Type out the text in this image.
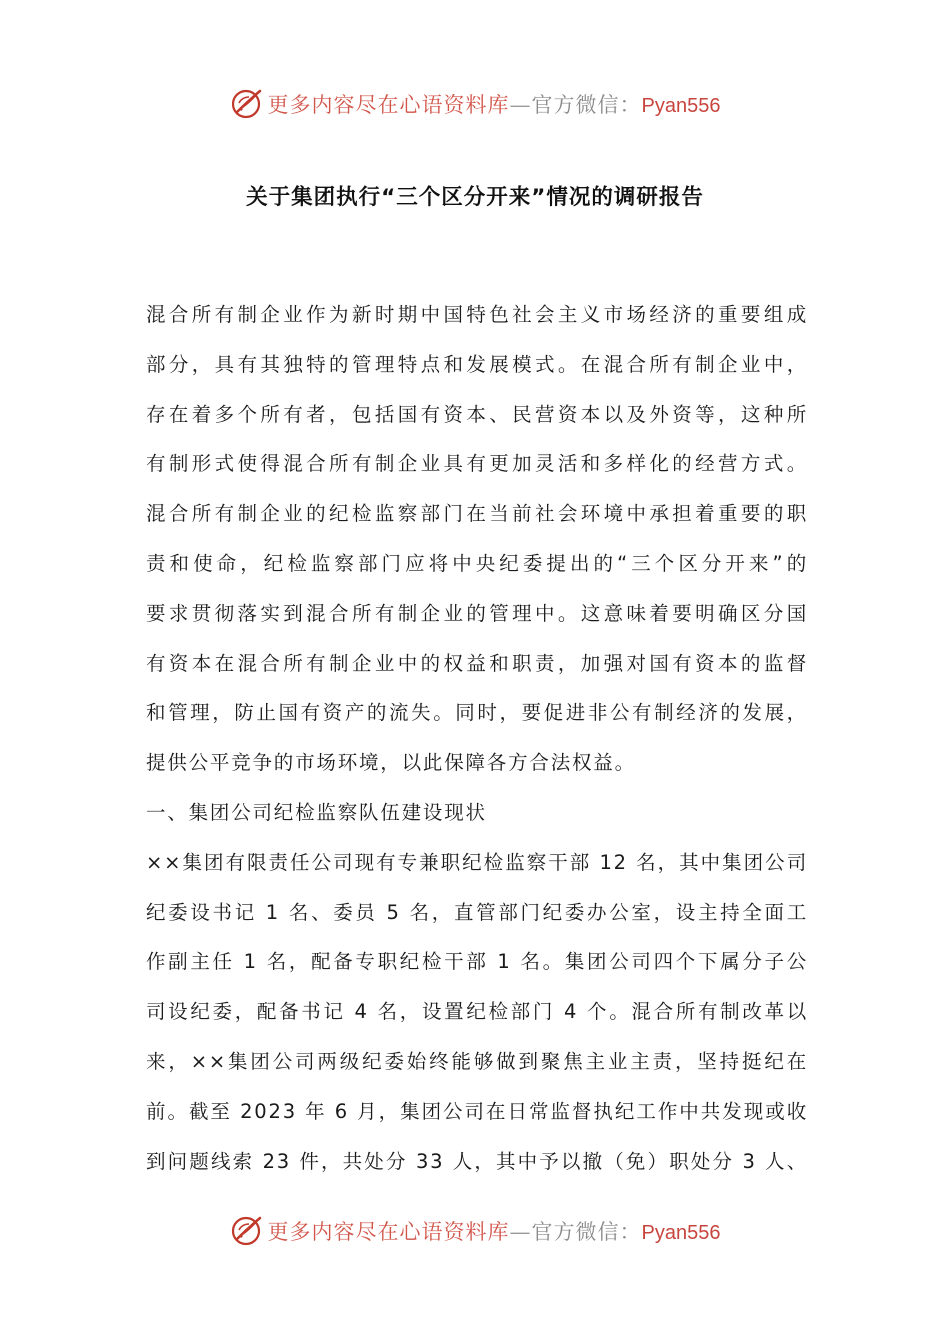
更多内容尽在心语资料库—官方微信：Pyan556
关于集团执行“三个区分开来”情况的调研报告
混合所有制企业作为新时期中国特色社会主义市场经济的重要组成
部分，具有其独特的管理特点和发展模式。在混合所有制企业中，
存在着多个所有者，包括国有资本、民营资本以及外资等，这种所
有制形式使得混合所有制企业具有更加灵活和多样化的经营方式。
混合所有制企业的纪检监察部门在当前社会环境中承担着重要的职
责和使命，纪检监察部门应将中央纪委提出的“三个区分开来”的
要求贯彻落实到混合所有制企业的管理中。这意味着要明确区分国
有资本在混合所有制企业中的权益和职责，加强对国有资本的监督
和管理，防止国有资产的流失。同时，要促进非公有制经济的发展，
提供公平竞争的市场环境，以此保障各方合法权益。
一、集团公司纪检监察队伍建设现状
××集团有限责任公司现有专兼职纪检监察干部 12 名，其中集团公司
纪委设书记 1 名、委员 5 名，直管部门纪委办公室，设主持全面工
作副主任 1 名，配备专职纪检干部 1 名。集团公司四个下属分子公
司设纪委，配备书记 4 名，设置纪检部门 4 个。混合所有制改革以
来，××集团公司两级纪委始终能够做到聚焦主业主责，坚持挺纪在
前。截至 2023 年 6 月，集团公司在日常监督执纪工作中共发现或收
到问题线索 23 件，共处分 33 人，其中予以撤（免）职处分 3 人、
更多内容尽在心语资料库—官方微信：Pyan556
